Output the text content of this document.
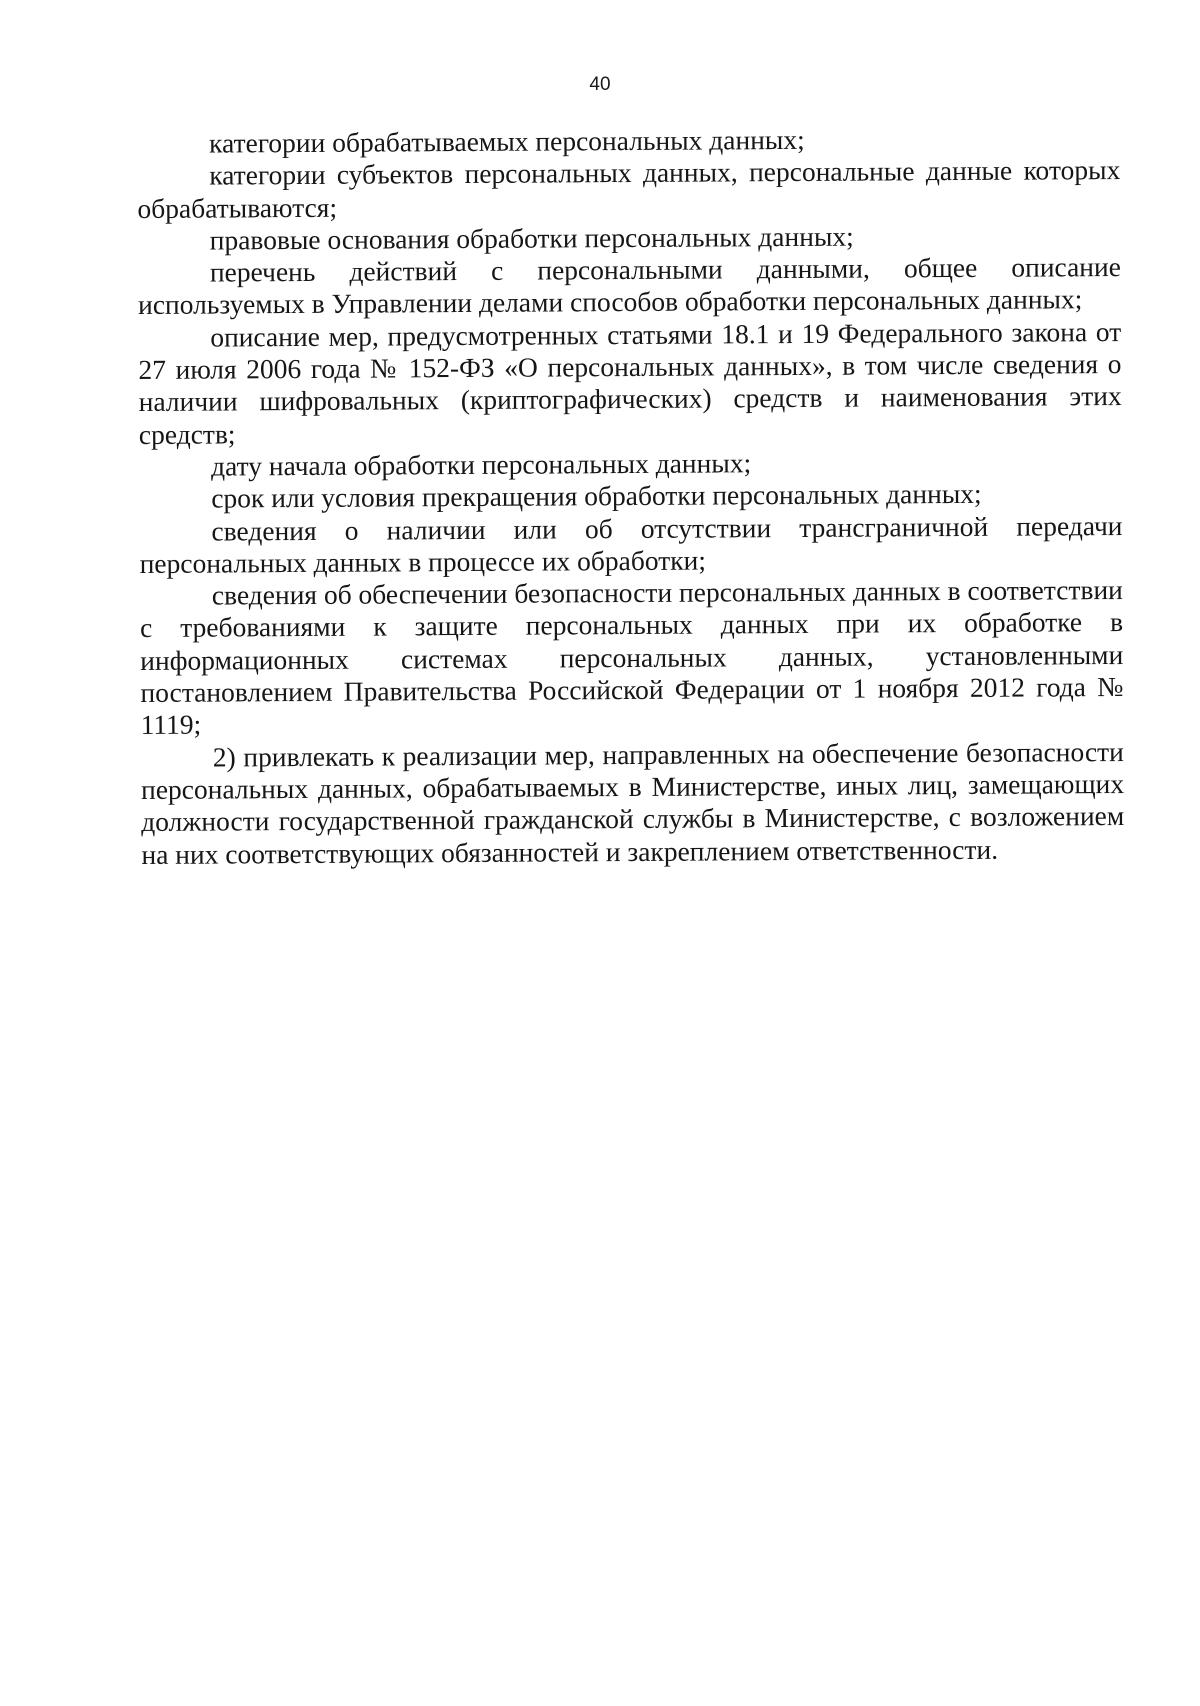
40

категории обрабатываемых персональных данных;

категории субъектов персональных данных, персональные данные которых обрабатываются;

правовые основания обработки персональных данных;

перечень действий с персональными данными, общее описание используемых в Управлении делами способов обработки персональных данных;

описание мер, предусмотренных статьями 18.1 и 19 Федерального закона от 27 июля 2006 года № 152-ФЗ «О персональных данных», в том числе сведения о наличии шифровальных (криптографических) средств и наименования этих средств;

дату начала обработки персональных данных;

срок или условия прекращения обработки персональных данных;

сведения о наличии или об отсутствии трансграничной передачи персональных данных в процессе их обработки;

сведения об обеспечении безопасности персональных данных в соответствии с требованиями к защите персональных данных при их обработке в информационных системах персональных данных, установленными постановлением Правительства Российской Федерации от 1 ноября 2012 года № 1119;

2) привлекать к реализации мер, направленных на обеспечение безопасности персональных данных, обрабатываемых в Министерстве, иных лиц, замещающих должности государственной гражданской службы в Министерстве, с возложением на них соответствующих обязанностей и закреплением ответственности.
